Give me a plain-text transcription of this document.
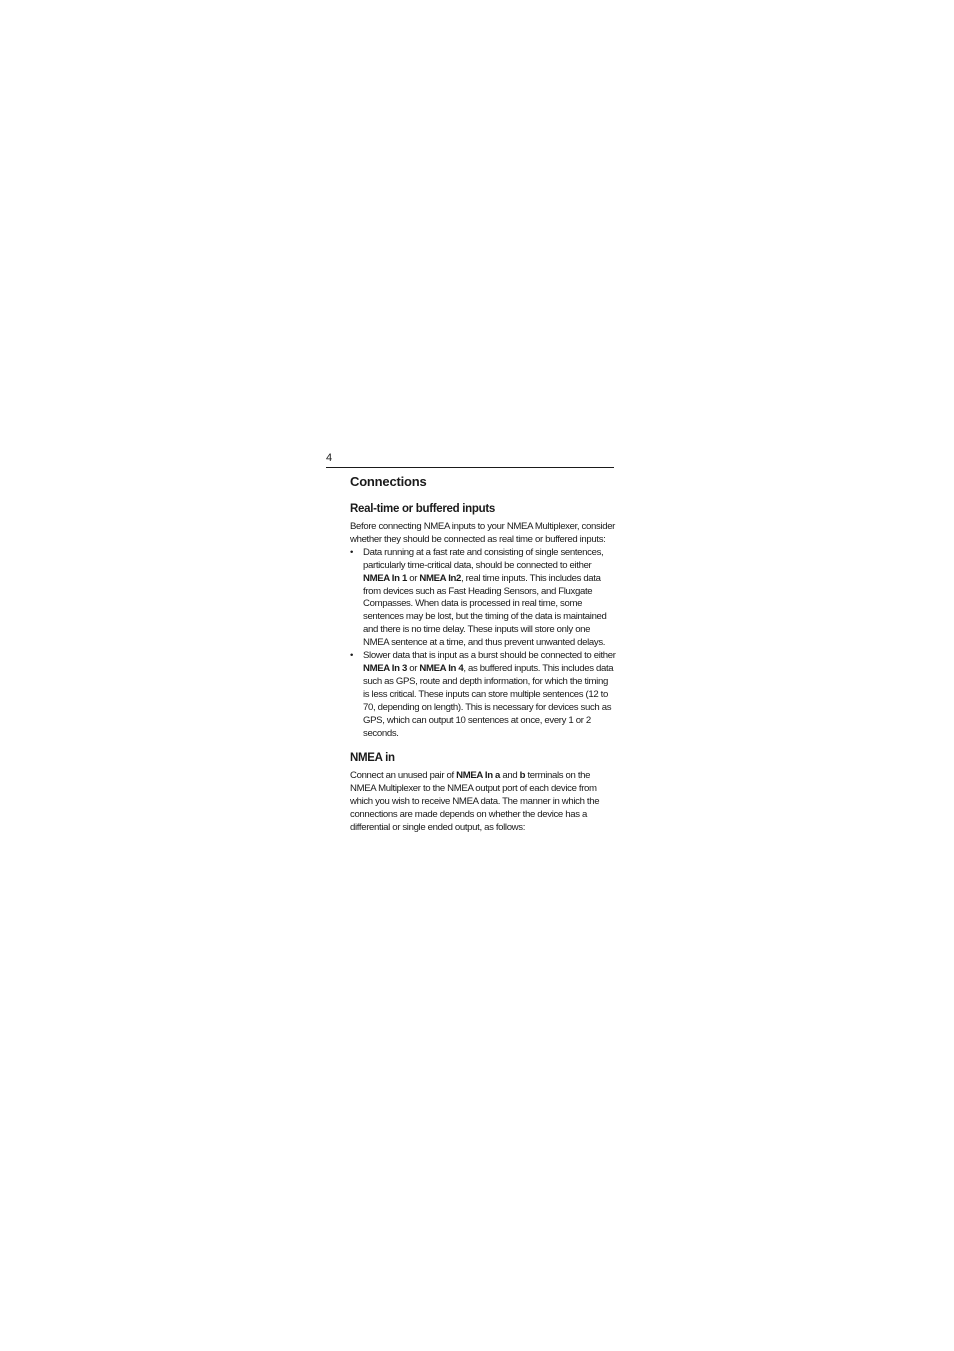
4
Connections
Real-time or buffered inputs

Before connecting NMEA inputs to your NMEA Multiplexer, consider whether they should be connected as real time or buffered inputs:

• Data running at a fast rate and consisting of single sentences, particularly time-critical data, should be connected to either NMEA In 1 or NMEA In2, real time inputs. This includes data from devices such as Fast Heading Sensors, and Fluxgate Compasses. When data is processed in real time, some sentences may be lost, but the timing of the data is maintained and there is no time delay. These inputs will store only one NMEA sentence at a time, and thus prevent unwanted delays.
• Slower data that is input as a burst should be connected to either NMEA In 3 or NMEA In 4, as buffered inputs. This includes data such as GPS, route and depth information, for which the timing is less critical. These inputs can store multiple sentences (12 to 70, depending on length). This is necessary for devices such as GPS, which can output 10 sentences at once, every 1 or 2 seconds.
NMEA in

Connect an unused pair of NMEA In a and b terminals on the NMEA Multiplexer to the NMEA output port of each device from which you wish to receive NMEA data. The manner in which the connections are made depends on whether the device has a differential or single ended output, as follows:
